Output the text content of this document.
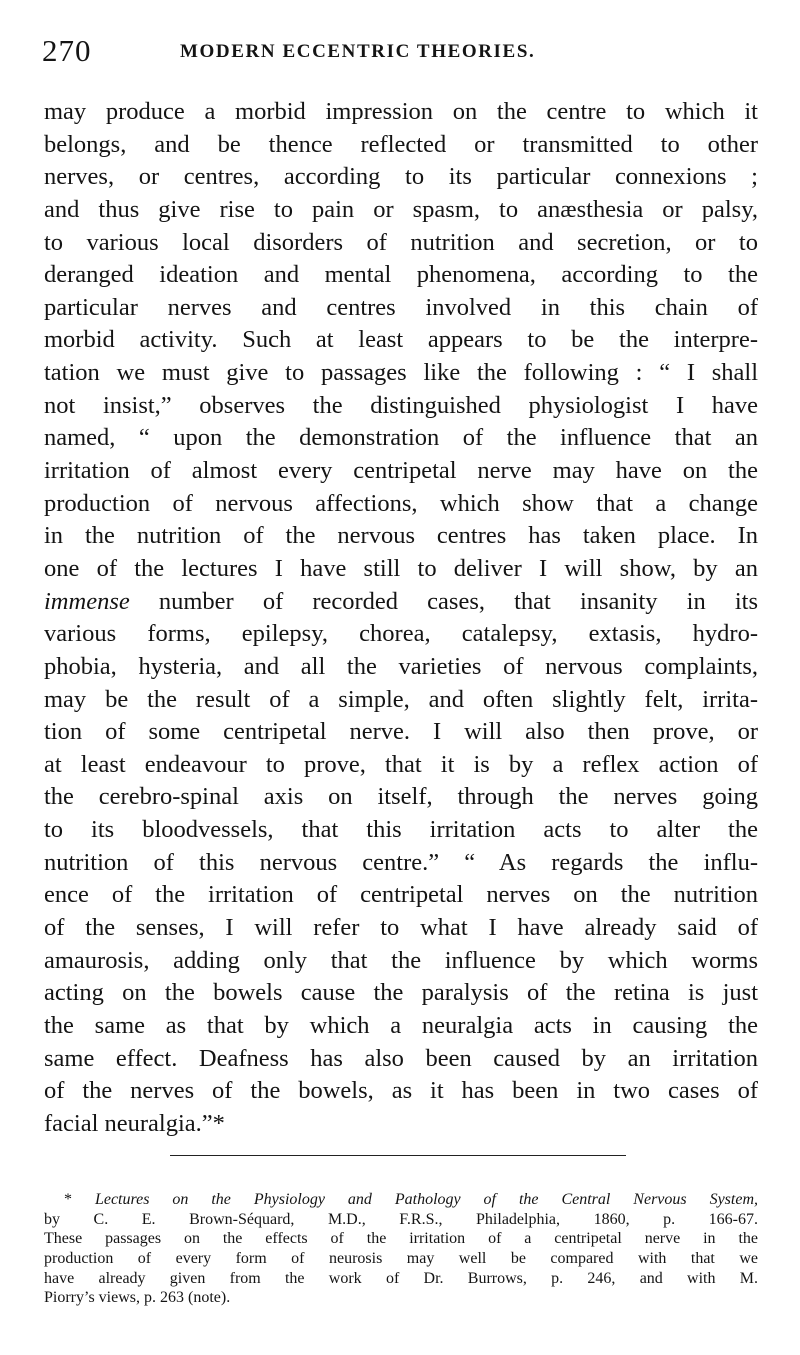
270	MODERN ECCENTRIC THEORIES.
may produce a morbid impression on the centre to which it
belongs, and be thence reflected or transmitted to other
nerves, or centres, according to its particular connexions ;
and thus give rise to pain or spasm, to anæsthesia or palsy,
to various local disorders of nutrition and secretion, or to
deranged ideation and mental phenomena, according to the
particular nerves and centres involved in this chain of
morbid activity. Such at least appears to be the interpre-
tation we must give to passages like the following : “ I shall
not insist,” observes the distinguished physiologist I have
named, “ upon the demonstration of the influence that an
irritation of almost every centripetal nerve may have on the
production of nervous affections, which show that a change
in the nutrition of the nervous centres has taken place. In
one of the lectures I have still to deliver I will show, by an
immense number of recorded cases, that insanity in its
various forms, epilepsy, chorea, catalepsy, extasis, hydro-
phobia, hysteria, and all the varieties of nervous complaints,
may be the result of a simple, and often slightly felt, irrita-
tion of some centripetal nerve. I will also then prove, or
at least endeavour to prove, that it is by a reflex action of
the cerebro-spinal axis on itself, through the nerves going
to its bloodvessels, that this irritation acts to alter the
nutrition of this nervous centre.” “ As regards the influ-
ence of the irritation of centripetal nerves on the nutrition
of the senses, I will refer to what I have already said of
amaurosis, adding only that the influence by which worms
acting on the bowels cause the paralysis of the retina is just
the same as that by which a neuralgia acts in causing the
same effect. Deafness has also been caused by an irritation
of the nerves of the bowels, as it has been in two cases of
facial neuralgia.”*
* Lectures on the Physiology and Pathology of the Central Nervous System,
by C. E. Brown-Séquard, M.D., F.R.S., Philadelphia, 1860, p. 166-67.
These passages on the effects of the irritation of a centripetal nerve in the
production of every form of neurosis may well be compared with that we
have already given from the work of Dr. Burrows, p. 246, and with M.
Piorry’s views, p. 263 (note).
